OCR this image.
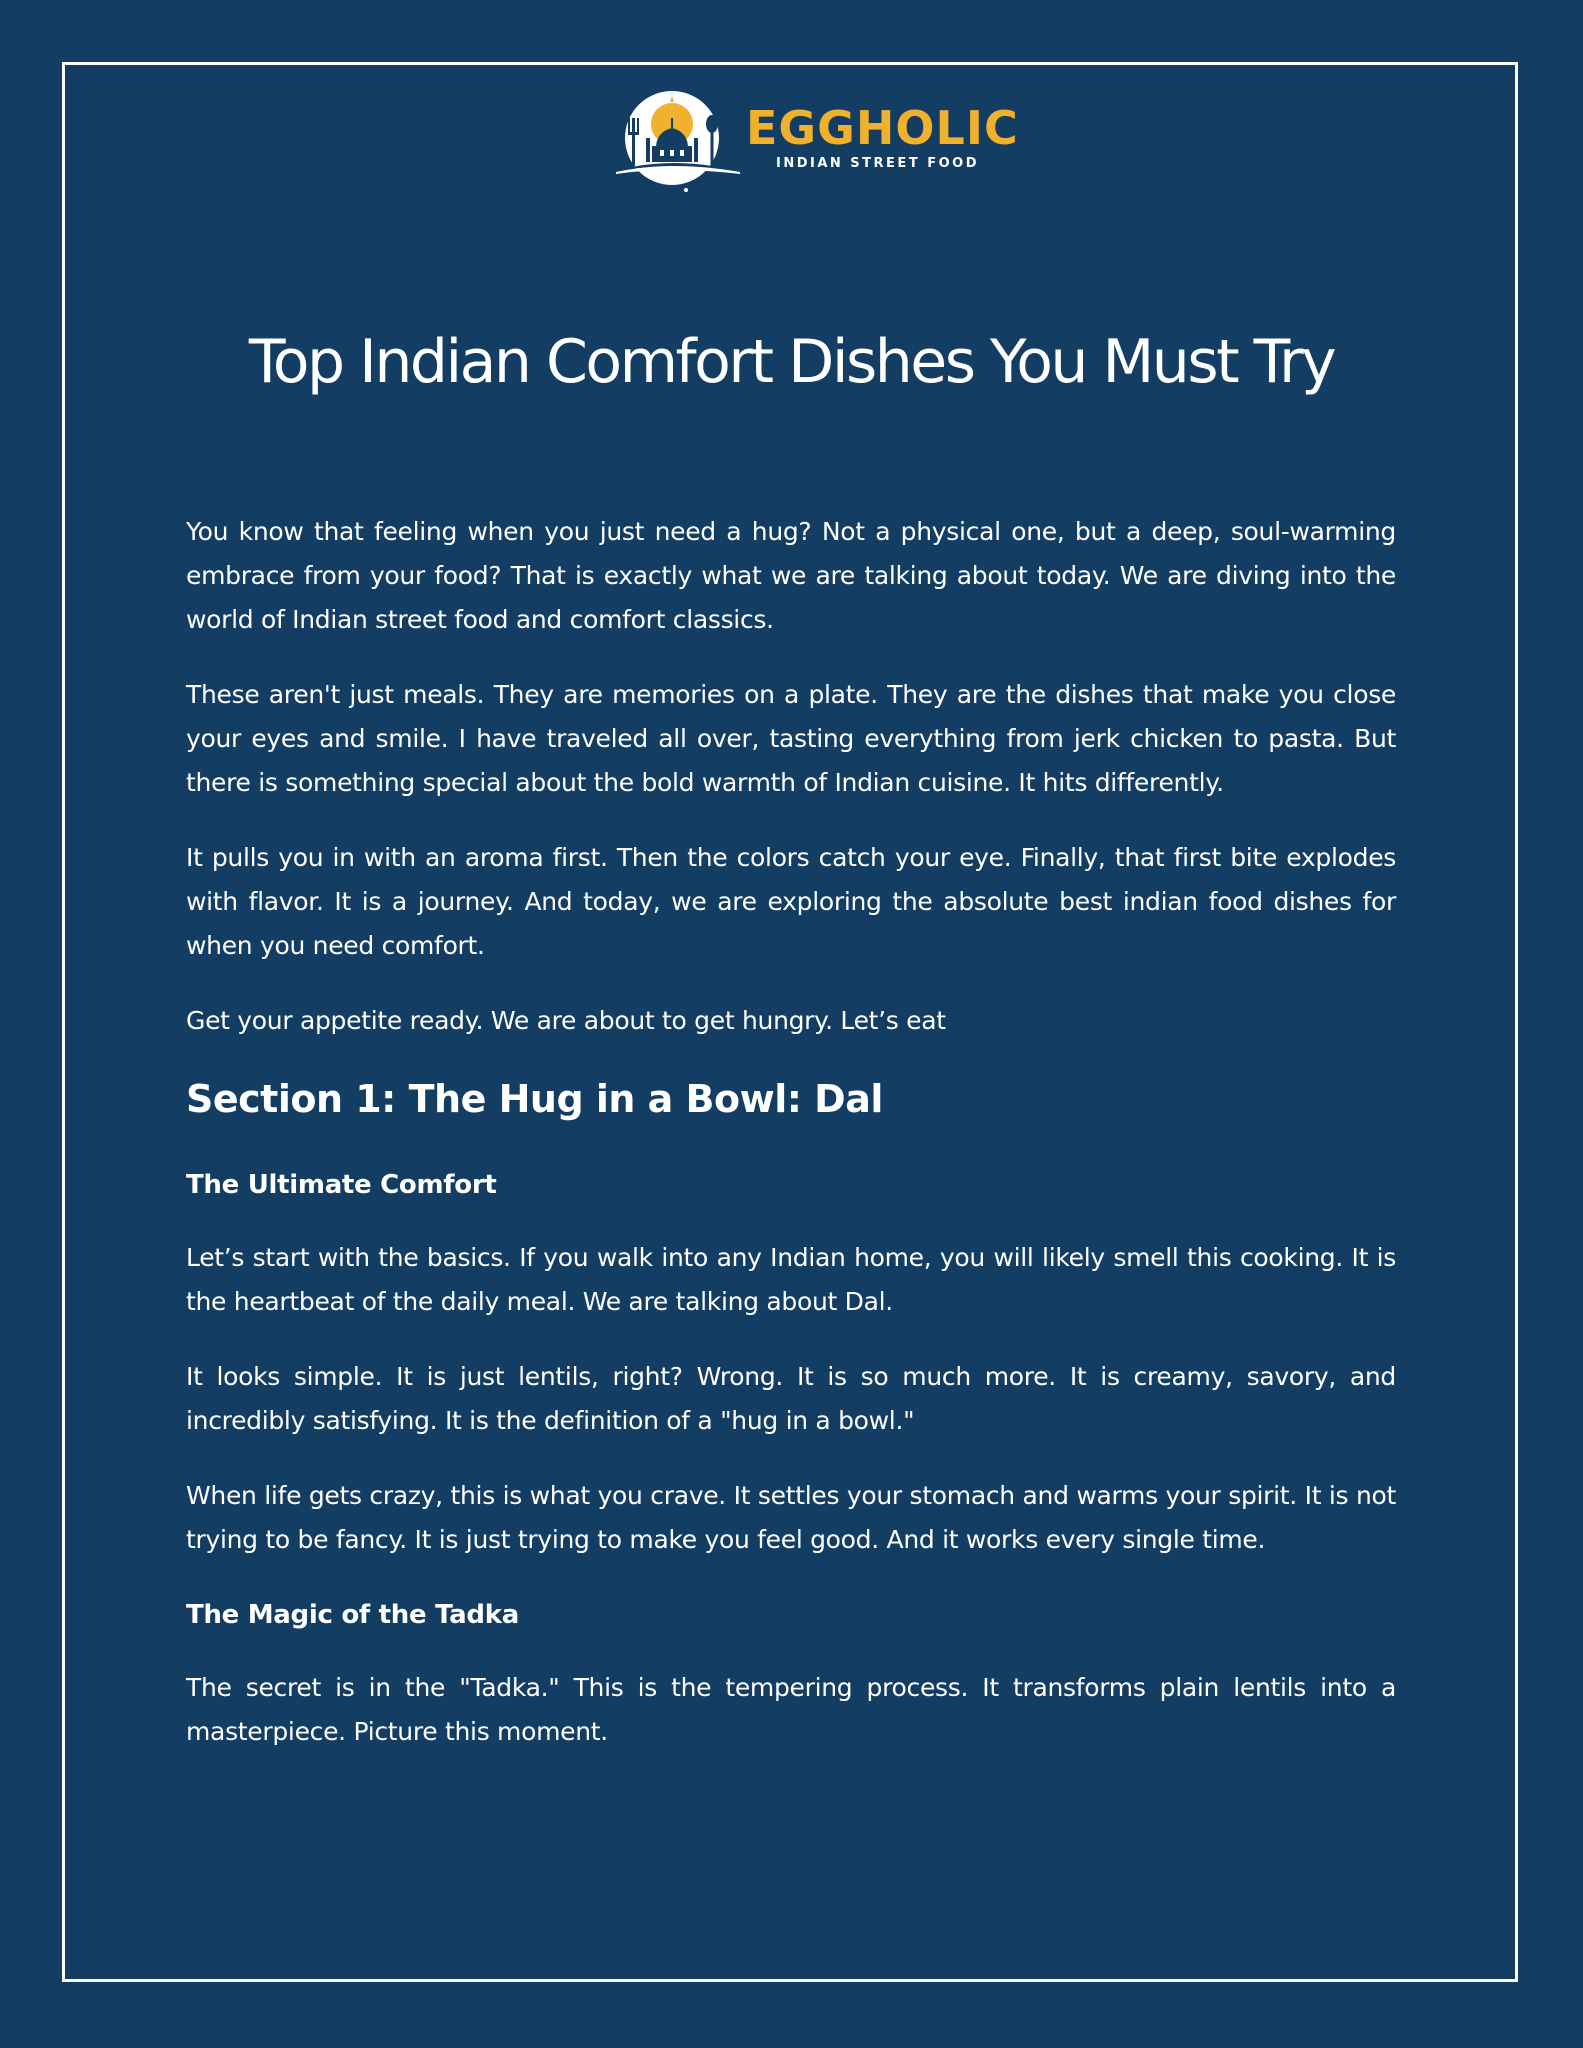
EGGHOLIC
INDIAN STREET FOOD
Top Indian Comfort Dishes You Must Try

You know that feeling when you just need a hug? Not a physical one, but a deep, soul-warming embrace from your food? That is exactly what we are talking about today. We are diving into the world of Indian street food and comfort classics.

These aren't just meals. They are memories on a plate. They are the dishes that make you close your eyes and smile. I have traveled all over, tasting everything from jerk chicken to pasta. But there is something special about the bold warmth of Indian cuisine. It hits differently.

It pulls you in with an aroma first. Then the colors catch your eye. Finally, that first bite explodes with flavor. It is a journey. And today, we are exploring the absolute best indian food dishes for when you need comfort.

Get your appetite ready. We are about to get hungry. Let’s eat

Section 1: The Hug in a Bowl: Dal
The Ultimate Comfort

Let’s start with the basics. If you walk into any Indian home, you will likely smell this cooking. It is the heartbeat of the daily meal. We are talking about Dal.

It looks simple. It is just lentils, right? Wrong. It is so much more. It is creamy, savory, and incredibly satisfying. It is the definition of a "hug in a bowl."

When life gets crazy, this is what you crave. It settles your stomach and warms your spirit. It is not trying to be fancy. It is just trying to make you feel good. And it works every single time.

The Magic of the Tadka

The secret is in the "Tadka." This is the tempering process. It transforms plain lentils into a masterpiece. Picture this moment.
